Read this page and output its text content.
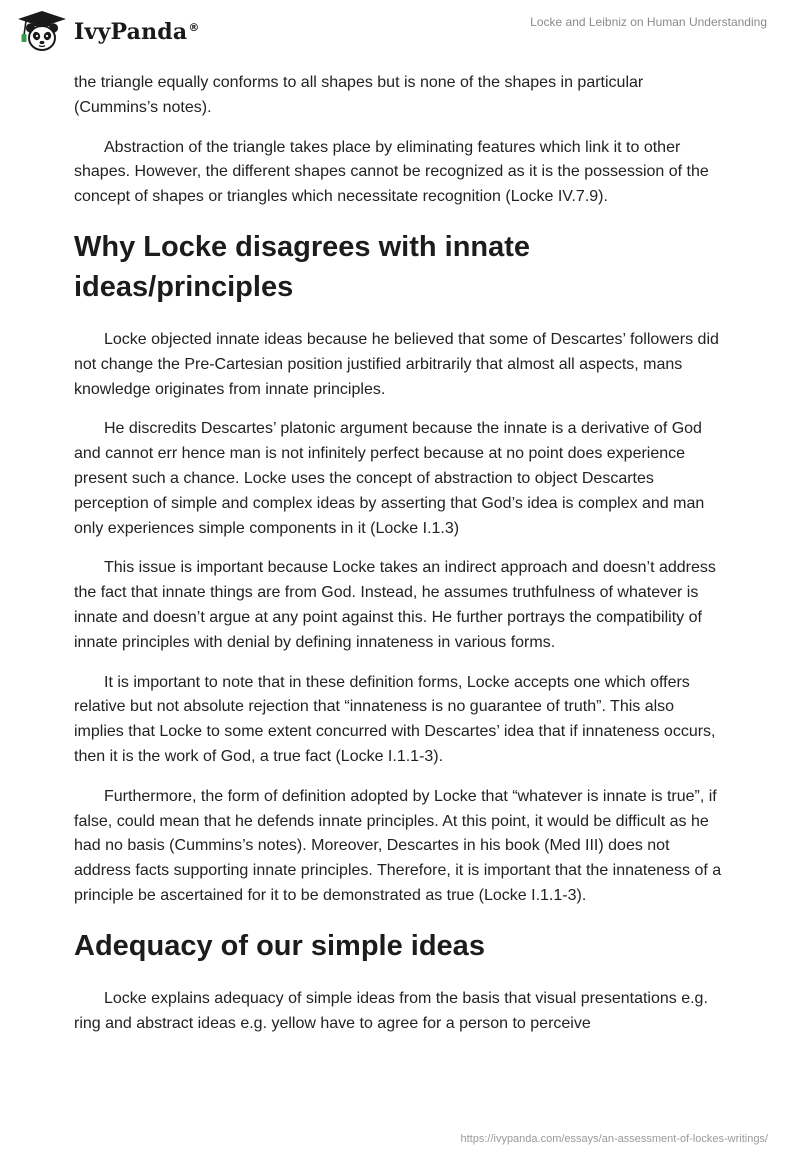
IvyPanda®	Locke and Leibniz on Human Understanding

the triangle equally conforms to all shapes but is none of the shapes in particular (Cummins’s notes).

Abstraction of the triangle takes place by eliminating features which link it to other shapes. However, the different shapes cannot be recognized as it is the possession of the concept of shapes or triangles which necessitate recognition (Locke IV.7.9).

Why Locke disagrees with innate ideas/principles

Locke objected innate ideas because he believed that some of Descartes’ followers did not change the Pre-Cartesian position justified arbitrarily that almost all aspects, mans knowledge originates from innate principles.

He discredits Descartes’ platonic argument because the innate is a derivative of God and cannot err hence man is not infinitely perfect because at no point does experience present such a chance. Locke uses the concept of abstraction to object Descartes perception of simple and complex ideas by asserting that God’s idea is complex and man only experiences simple components in it (Locke I.1.3)

This issue is important because Locke takes an indirect approach and doesn’t address the fact that innate things are from God. Instead, he assumes truthfulness of whatever is innate and doesn’t argue at any point against this. He further portrays the compatibility of innate principles with denial by defining innateness in various forms.

It is important to note that in these definition forms, Locke accepts one which offers relative but not absolute rejection that “innateness is no guarantee of truth”. This also implies that Locke to some extent concurred with Descartes’ idea that if innateness occurs, then it is the work of God, a true fact (Locke I.1.1-3).

Furthermore, the form of definition adopted by Locke that “whatever is innate is true”, if false, could mean that he defends innate principles. At this point, it would be difficult as he had no basis (Cummins’s notes). Moreover, Descartes in his book (Med III) does not address facts supporting innate principles. Therefore, it is important that the innateness of a principle be ascertained for it to be demonstrated as true (Locke I.1.1-3).

Adequacy of our simple ideas

Locke explains adequacy of simple ideas from the basis that visual presentations e.g. ring and abstract ideas e.g. yellow have to agree for a person to perceive

https://ivypanda.com/essays/an-assessment-of-lockes-writings/
